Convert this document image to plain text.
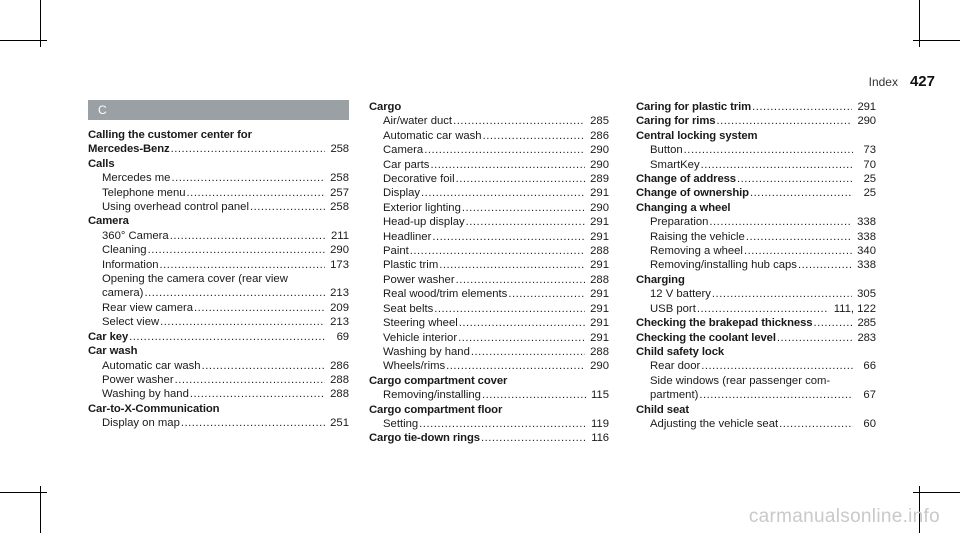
Index 427
C
Calling the customer center for
Mercedes-Benz .....	258
Calls
Mercedes me .....	258
Telephone menu .....	257
Using overhead control panel .....	258
Camera
360° Camera .....	211
Cleaning .....	290
Information .....	173
Opening the camera cover (rear view
camera) .....	213
Rear view camera .....	209
Select view .....	213
Car key .....	69
Car wash
Automatic car wash .....	286
Power washer .....	288
Washing by hand .....	288
Car-to-X-Communication
Display on map .....	251
Cargo
Air/water duct .....	285
Automatic car wash .....	286
Camera .....	290
Car parts .....	290
Decorative foil .....	289
Display .....	291
Exterior lighting .....	290
Head-up display .....	291
Headliner .....	291
Paint .....	288
Plastic trim .....	291
Power washer .....	288
Real wood/trim elements .....	291
Seat belts .....	291
Steering wheel .....	291
Vehicle interior .....	291
Washing by hand .....	288
Wheels/rims .....	290
Cargo compartment cover
Removing/installing .....	115
Cargo compartment floor
Setting .....	119
Cargo tie-down rings .....	116
Caring for plastic trim .....	291
Caring for rims .....	290
Central locking system
Button .....	73
SmartKey .....	70
Change of address .....	25
Change of ownership .....	25
Changing a wheel
Preparation .....	338
Raising the vehicle .....	338
Removing a wheel .....	340
Removing/installing hub caps .....	338
Charging
12 V battery .....	305
USB port .....	111, 122
Checking the brakepad thickness .....	285
Checking the coolant level .....	283
Child safety lock
Rear door .....	66
Side windows (rear passenger com-
partment) .....	67
Child seat
Adjusting the vehicle seat .....	60
carmanualsonline.info
